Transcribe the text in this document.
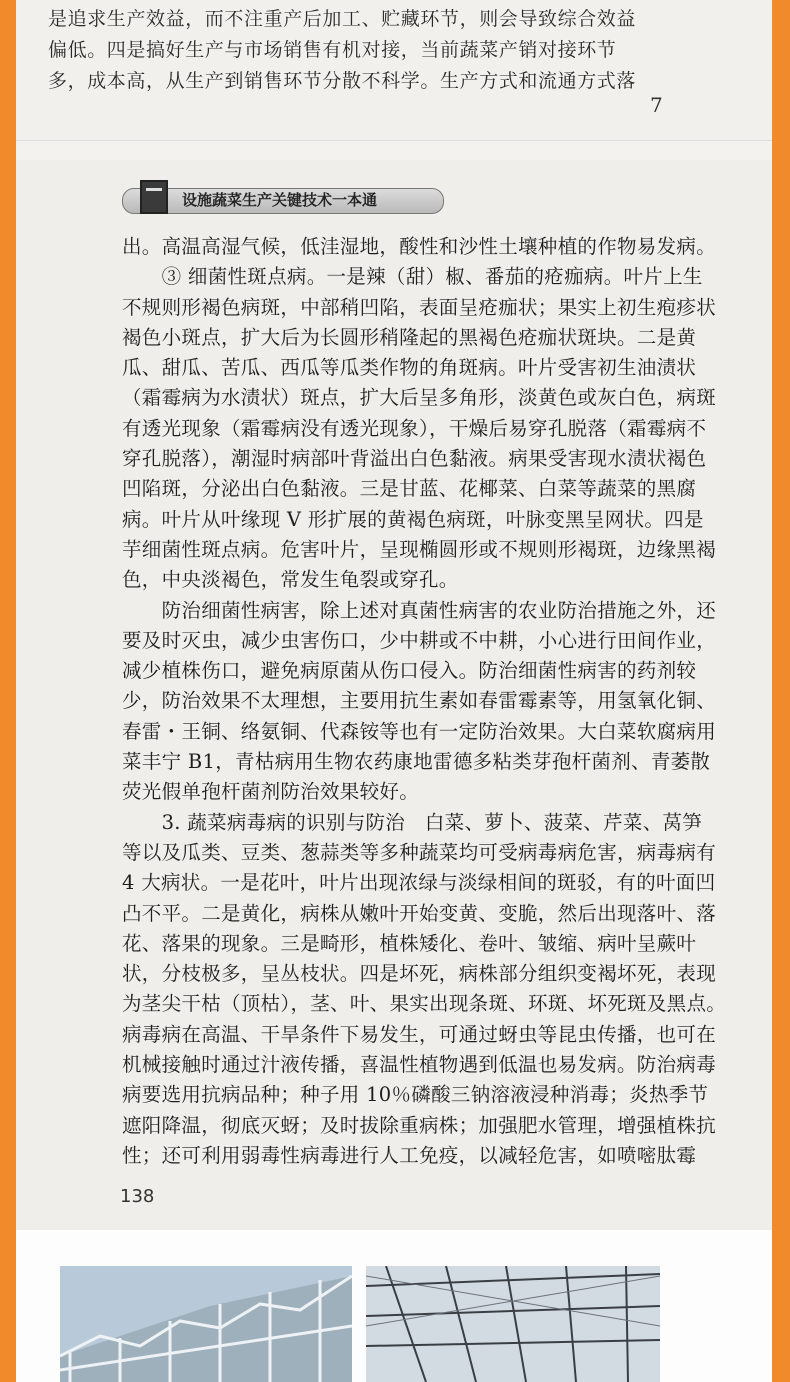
是追求生产效益，而不注重产后加工、贮藏环节，则会导致综合效益
偏低。四是搞好生产与市场销售有机对接，当前蔬菜产销对接环节
多，成本高，从生产到销售环节分散不科学。生产方式和流通方式落
7
设施蔬菜生产关键技术一本通
出。高温高湿气候，低洼湿地，酸性和沙性土壤种植的作物易发病。
　　③ 细菌性斑点病。一是辣（甜）椒、番茄的疮痂病。叶片上生
不规则形褐色病斑，中部稍凹陷，表面呈疮痂状；果实上初生疱疹状
褐色小斑点，扩大后为长圆形稍隆起的黑褐色疮痂状斑块。二是黄
瓜、甜瓜、苦瓜、西瓜等瓜类作物的角斑病。叶片受害初生油渍状
（霜霉病为水渍状）斑点，扩大后呈多角形，淡黄色或灰白色，病斑
有透光现象（霜霉病没有透光现象），干燥后易穿孔脱落（霜霉病不
穿孔脱落），潮湿时病部叶背溢出白色黏液。病果受害现水渍状褐色
凹陷斑，分泌出白色黏液。三是甘蓝、花椰菜、白菜等蔬菜的黑腐
病。叶片从叶缘现 V 形扩展的黄褐色病斑，叶脉变黑呈网状。四是
芋细菌性斑点病。危害叶片，呈现椭圆形或不规则形褐斑，边缘黑褐
色，中央淡褐色，常发生龟裂或穿孔。
　　防治细菌性病害，除上述对真菌性病害的农业防治措施之外，还
要及时灭虫，减少虫害伤口，少中耕或不中耕，小心进行田间作业，
减少植株伤口，避免病原菌从伤口侵入。防治细菌性病害的药剂较
少，防治效果不太理想，主要用抗生素如春雷霉素等，用氢氧化铜、
春雷・王铜、络氨铜、代森铵等也有一定防治效果。大白菜软腐病用
菜丰宁 B1，青枯病用生物农药康地雷德多粘类芽孢杆菌剂、青萎散
荧光假单孢杆菌剂防治效果较好。
　　3. 蔬菜病毒病的识别与防治　白菜、萝卜、菠菜、芹菜、莴笋
等以及瓜类、豆类、葱蒜类等多种蔬菜均可受病毒病危害，病毒病有
4 大病状。一是花叶，叶片出现浓绿与淡绿相间的斑驳，有的叶面凹
凸不平。二是黄化，病株从嫩叶开始变黄、变脆，然后出现落叶、落
花、落果的现象。三是畸形，植株矮化、卷叶、皱缩、病叶呈蕨叶
状，分枝极多，呈丛枝状。四是坏死，病株部分组织变褐坏死，表现
为茎尖干枯（顶枯），茎、叶、果实出现条斑、环斑、坏死斑及黑点。
病毒病在高温、干旱条件下易发生，可通过蚜虫等昆虫传播，也可在
机械接触时通过汁液传播，喜温性植物遇到低温也易发病。防治病毒
病要选用抗病品种；种子用 10％磷酸三钠溶液浸种消毒；炎热季节
遮阳降温，彻底灭蚜；及时拔除重病株；加强肥水管理，增强植株抗
性；还可利用弱毒性病毒进行人工免疫，以减轻危害，如喷嘧肽霉
138
